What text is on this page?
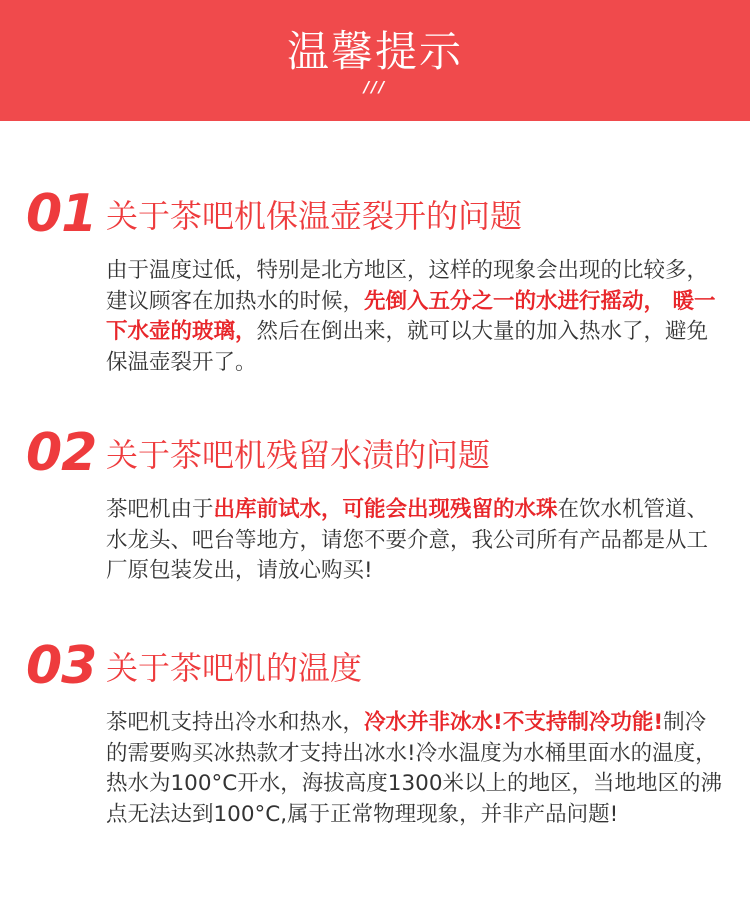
温馨提示
///
01 关于茶吧机保温壶裂开的问题
由于温度过低，特别是北方地区，这样的现象会出现的比较多，建议顾客在加热水的时候，先倒入五分之一的水进行摇动， 暖一下水壶的玻璃，然后在倒出来，就可以大量的加入热水了，避免保温壶裂开了。
02 关于茶吧机残留水渍的问题
茶吧机由于出库前试水，可能会出现残留的水珠在饮水机管道、水龙头、吧台等地方，请您不要介意，我公司所有产品都是从工厂原包装发出，请放心购买!
03 关于茶吧机的温度
茶吧机支持出冷水和热水，冷水并非冰水!不支持制冷功能!制冷的需要购买冰热款才支持出冰水!冷水温度为水桶里面水的温度，热水为100°C开水，海拔高度1300米以上的地区，当地地区的沸点无法达到100°C,属于正常物理现象，并非产品问题!
